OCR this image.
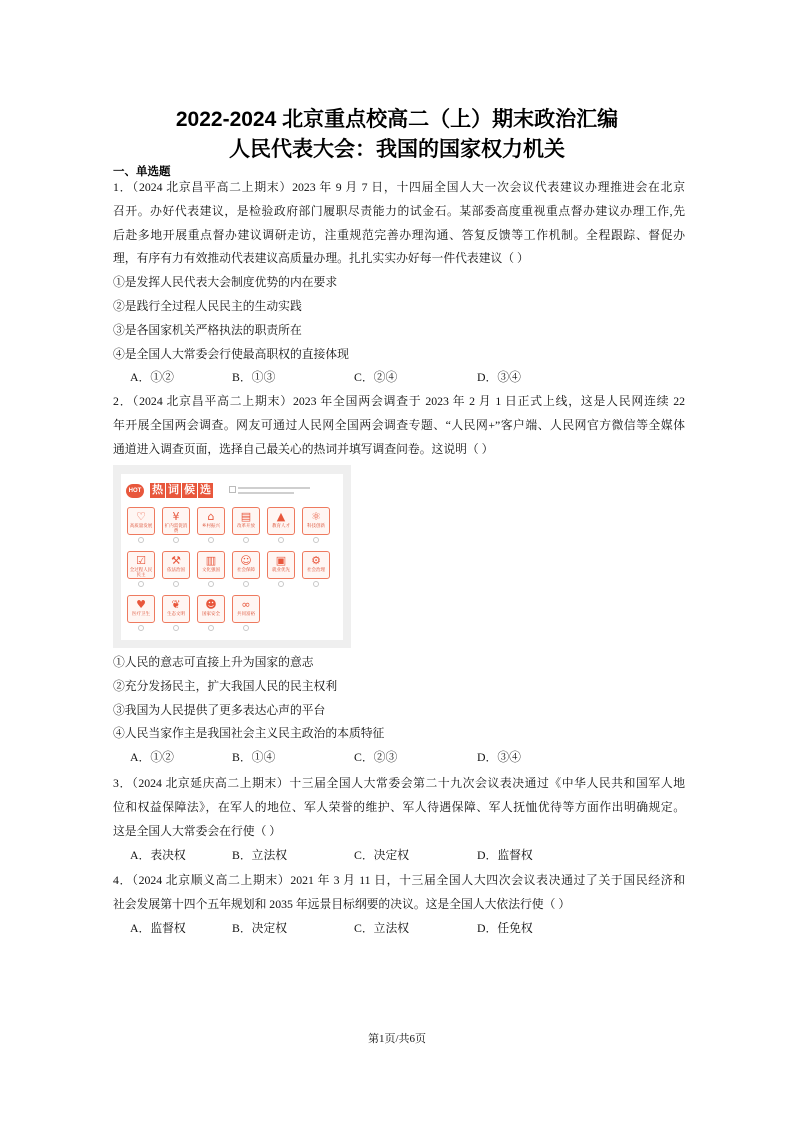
2022-2024 北京重点校高二（上）期末政治汇编
人民代表大会：我国的国家权力机关
一、单选题
1．（2024 北京昌平高二上期末）2023 年 9 月 7 日，十四届全国人大一次会议代表建议办理推进会在北京
召开。办好代表建议，是检验政府部门履职尽责能力的试金石。某部委高度重视重点督办建议办理工作,先
后赴多地开展重点督办建议调研走访，注重规范完善办理沟通、答复反馈等工作机制。全程跟踪、督促办
理，有序有力有效推动代表建议高质量办理。扎扎实实办好每一件代表建议（ ）
①是发挥人民代表大会制度优势的内在要求
②是践行全过程人民民主的生动实践
③是各国家机关严格执法的职责所在
④是全国人大常委会行使最高职权的直接体现
A．①②	B．①③	C．②④	D．③④
2．（2024 北京昌平高二上期末）2023 年全国两会调查于 2023 年 2 月 1 日正式上线，这是人民网连续 22
年开展全国两会调查。网友可通过人民网全国两会调查专题、“人民网+”客户端、人民网官方微信等全媒体
通道进入调查页面，选择自己最关心的热词并填写调查问卷。这说明（ ）
HOT 热 词 候 选
♡
高质量发展
¥
扩内需促消费
⌂
乡村振兴
▤
改革开放
▲
教育人才
⚛
科技创新
☑
全过程人民民主
⚒
依法治国
▥
文化强国
☺
社会保障
▣
就业优先
⚙
社会治理
♥
医疗卫生
❦
生态文明
☻
国家安全
∞
共同富裕
①人民的意志可直接上升为国家的意志
②充分发扬民主，扩大我国人民的民主权利
③我国为人民提供了更多表达心声的平台
④人民当家作主是我国社会主义民主政治的本质特征
A．①②	B．①④	C．②③	D．③④
3．（2024 北京延庆高二上期末）十三届全国人大常委会第二十九次会议表决通过《中华人民共和国军人地
位和权益保障法》，在军人的地位、军人荣誉的维护、军人待遇保障、军人抚恤优待等方面作出明确规定。
这是全国人大常委会在行使（ ）
A．表决权	B．立法权	C．决定权	D．监督权
4．（2024 北京顺义高二上期末）2021 年 3 月 11 日，十三届全国人大四次会议表决通过了关于国民经济和
社会发展第十四个五年规划和 2035 年远景目标纲要的决议。这是全国人大依法行使（ ）
A．监督权	B．决定权	C．立法权	D．任免权
第1页/共6页
